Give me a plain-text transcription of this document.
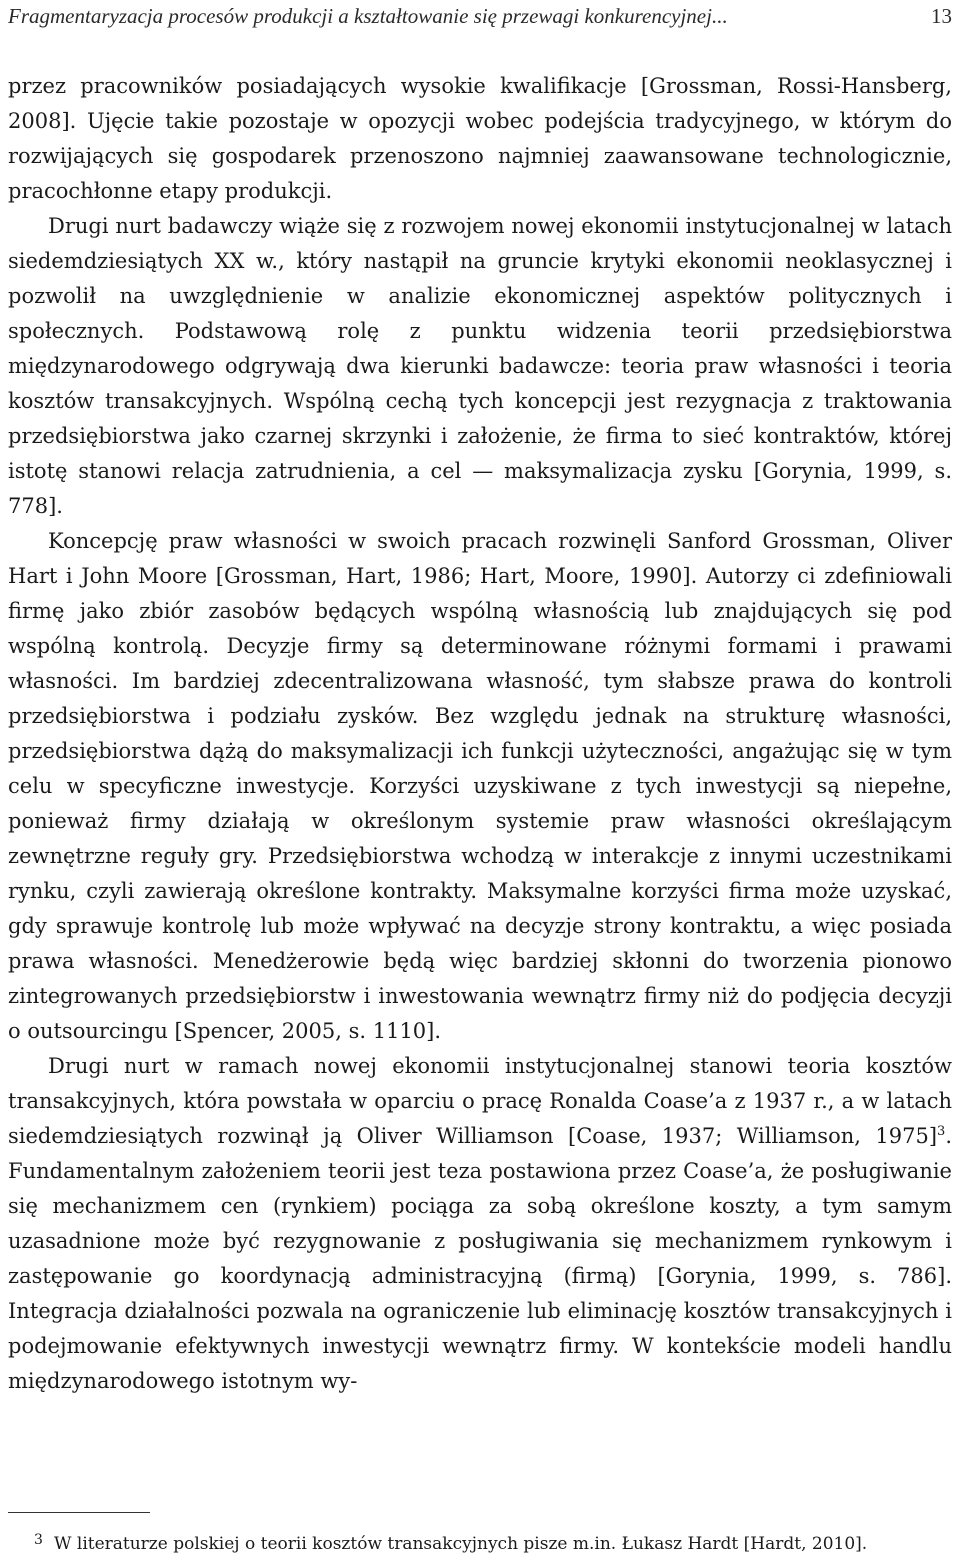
Fragmentaryzacja procesów produkcji a kształtowanie się przewagi konkurencyjnej...	13

przez pracowników posiadających wysokie kwalifikacje [Grossman, Rossi-Hansberg, 2008]. Ujęcie takie pozostaje w opozycji wobec podejścia tradycyjnego, w którym do rozwijających się gospodarek przenoszono najmniej zaawansowane technologicznie, pracochłonne etapy produkcji.

Drugi nurt badawczy wiąże się z rozwojem nowej ekonomii instytucjonalnej w latach siedemdziesiątych XX w., który nastąpił na gruncie krytyki ekonomii neoklasycznej i pozwolił na uwzględnienie w analizie ekonomicznej aspektów politycznych i społecznych. Podstawową rolę z punktu widzenia teorii przedsiębiorstwa międzynarodowego odgrywają dwa kierunki badawcze: teoria praw własności i teoria kosztów transakcyjnych. Wspólną cechą tych koncepcji jest rezygnacja z traktowania przedsiębiorstwa jako czarnej skrzynki i założenie, że firma to sieć kontraktów, której istotę stanowi relacja zatrudnienia, a cel — maksymalizacja zysku [Gorynia, 1999, s. 778].

Koncepcję praw własności w swoich pracach rozwinęli Sanford Grossman, Oliver Hart i John Moore [Grossman, Hart, 1986; Hart, Moore, 1990]. Autorzy ci zdefiniowali firmę jako zbiór zasobów będących wspólną własnością lub znajdujących się pod wspólną kontrolą. Decyzje firmy są determinowane różnymi formami i prawami własności. Im bardziej zdecentralizowana własność, tym słabsze prawa do kontroli przedsiębiorstwa i podziału zysków. Bez względu jednak na strukturę własności, przedsiębiorstwa dążą do maksymalizacji ich funkcji użyteczności, angażując się w tym celu w specyficzne inwestycje. Korzyści uzyskiwane z tych inwestycji są niepełne, ponieważ firmy działają w określonym systemie praw własności określającym zewnętrzne reguły gry. Przedsiębiorstwa wchodzą w interakcje z innymi uczestnikami rynku, czyli zawierają określone kontrakty. Maksymalne korzyści firma może uzyskać, gdy sprawuje kontrolę lub może wpływać na decyzje strony kontraktu, a więc posiada prawa własności. Menedżerowie będą więc bardziej skłonni do tworzenia pionowo zintegrowanych przedsiębiorstw i inwestowania wewnątrz firmy niż do podjęcia decyzji o outsourcingu [Spencer, 2005, s. 1110].

Drugi nurt w ramach nowej ekonomii instytucjonalnej stanowi teoria kosztów transakcyjnych, która powstała w oparciu o pracę Ronalda Coase’a z 1937 r., a w latach siedemdziesiątych rozwinął ją Oliver Williamson [Coase, 1937; Williamson, 1975]$^3$. Fundamentalnym założeniem teorii jest teza postawiona przez Coase’a, że posługiwanie się mechanizmem cen (rynkiem) pociąga za sobą określone koszty, a tym samym uzasadnione może być rezygnowanie z posługiwania się mechanizmem rynkowym i zastępowanie go koordynacją administracyjną (firmą) [Gorynia, 1999, s. 786]. Integracja działalności pozwala na ograniczenie lub eliminację kosztów transakcyjnych i podejmowanie efektywnych inwestycji wewnątrz firmy. W kontekście modeli handlu międzynarodowego istotnym wy-

3 W literaturze polskiej o teorii kosztów transakcyjnych pisze m.in. Łukasz Hardt [Hardt, 2010].
